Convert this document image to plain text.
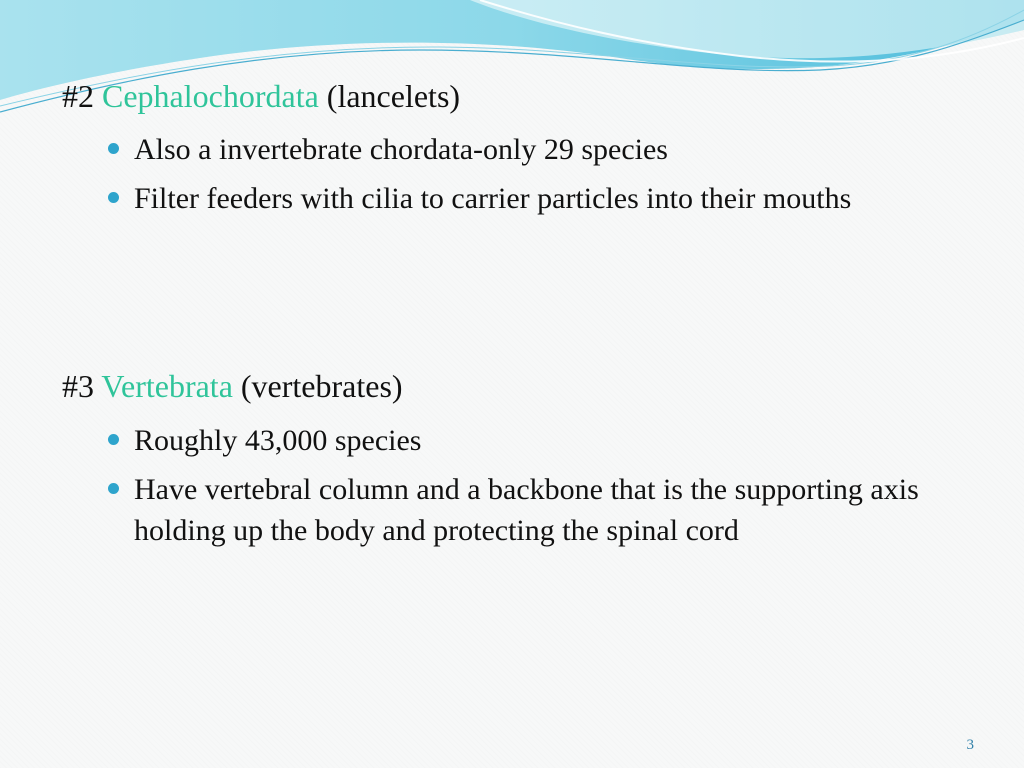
#2 Cephalochordata (lancelets)

Also a invertebrate chordata-only 29 species
Filter feeders with cilia to carrier particles into their mouths

#3 Vertebrata (vertebrates)

Roughly 43,000 species
Have vertebral column and a backbone that is the supporting axis holding up the body and protecting the spinal cord
3
